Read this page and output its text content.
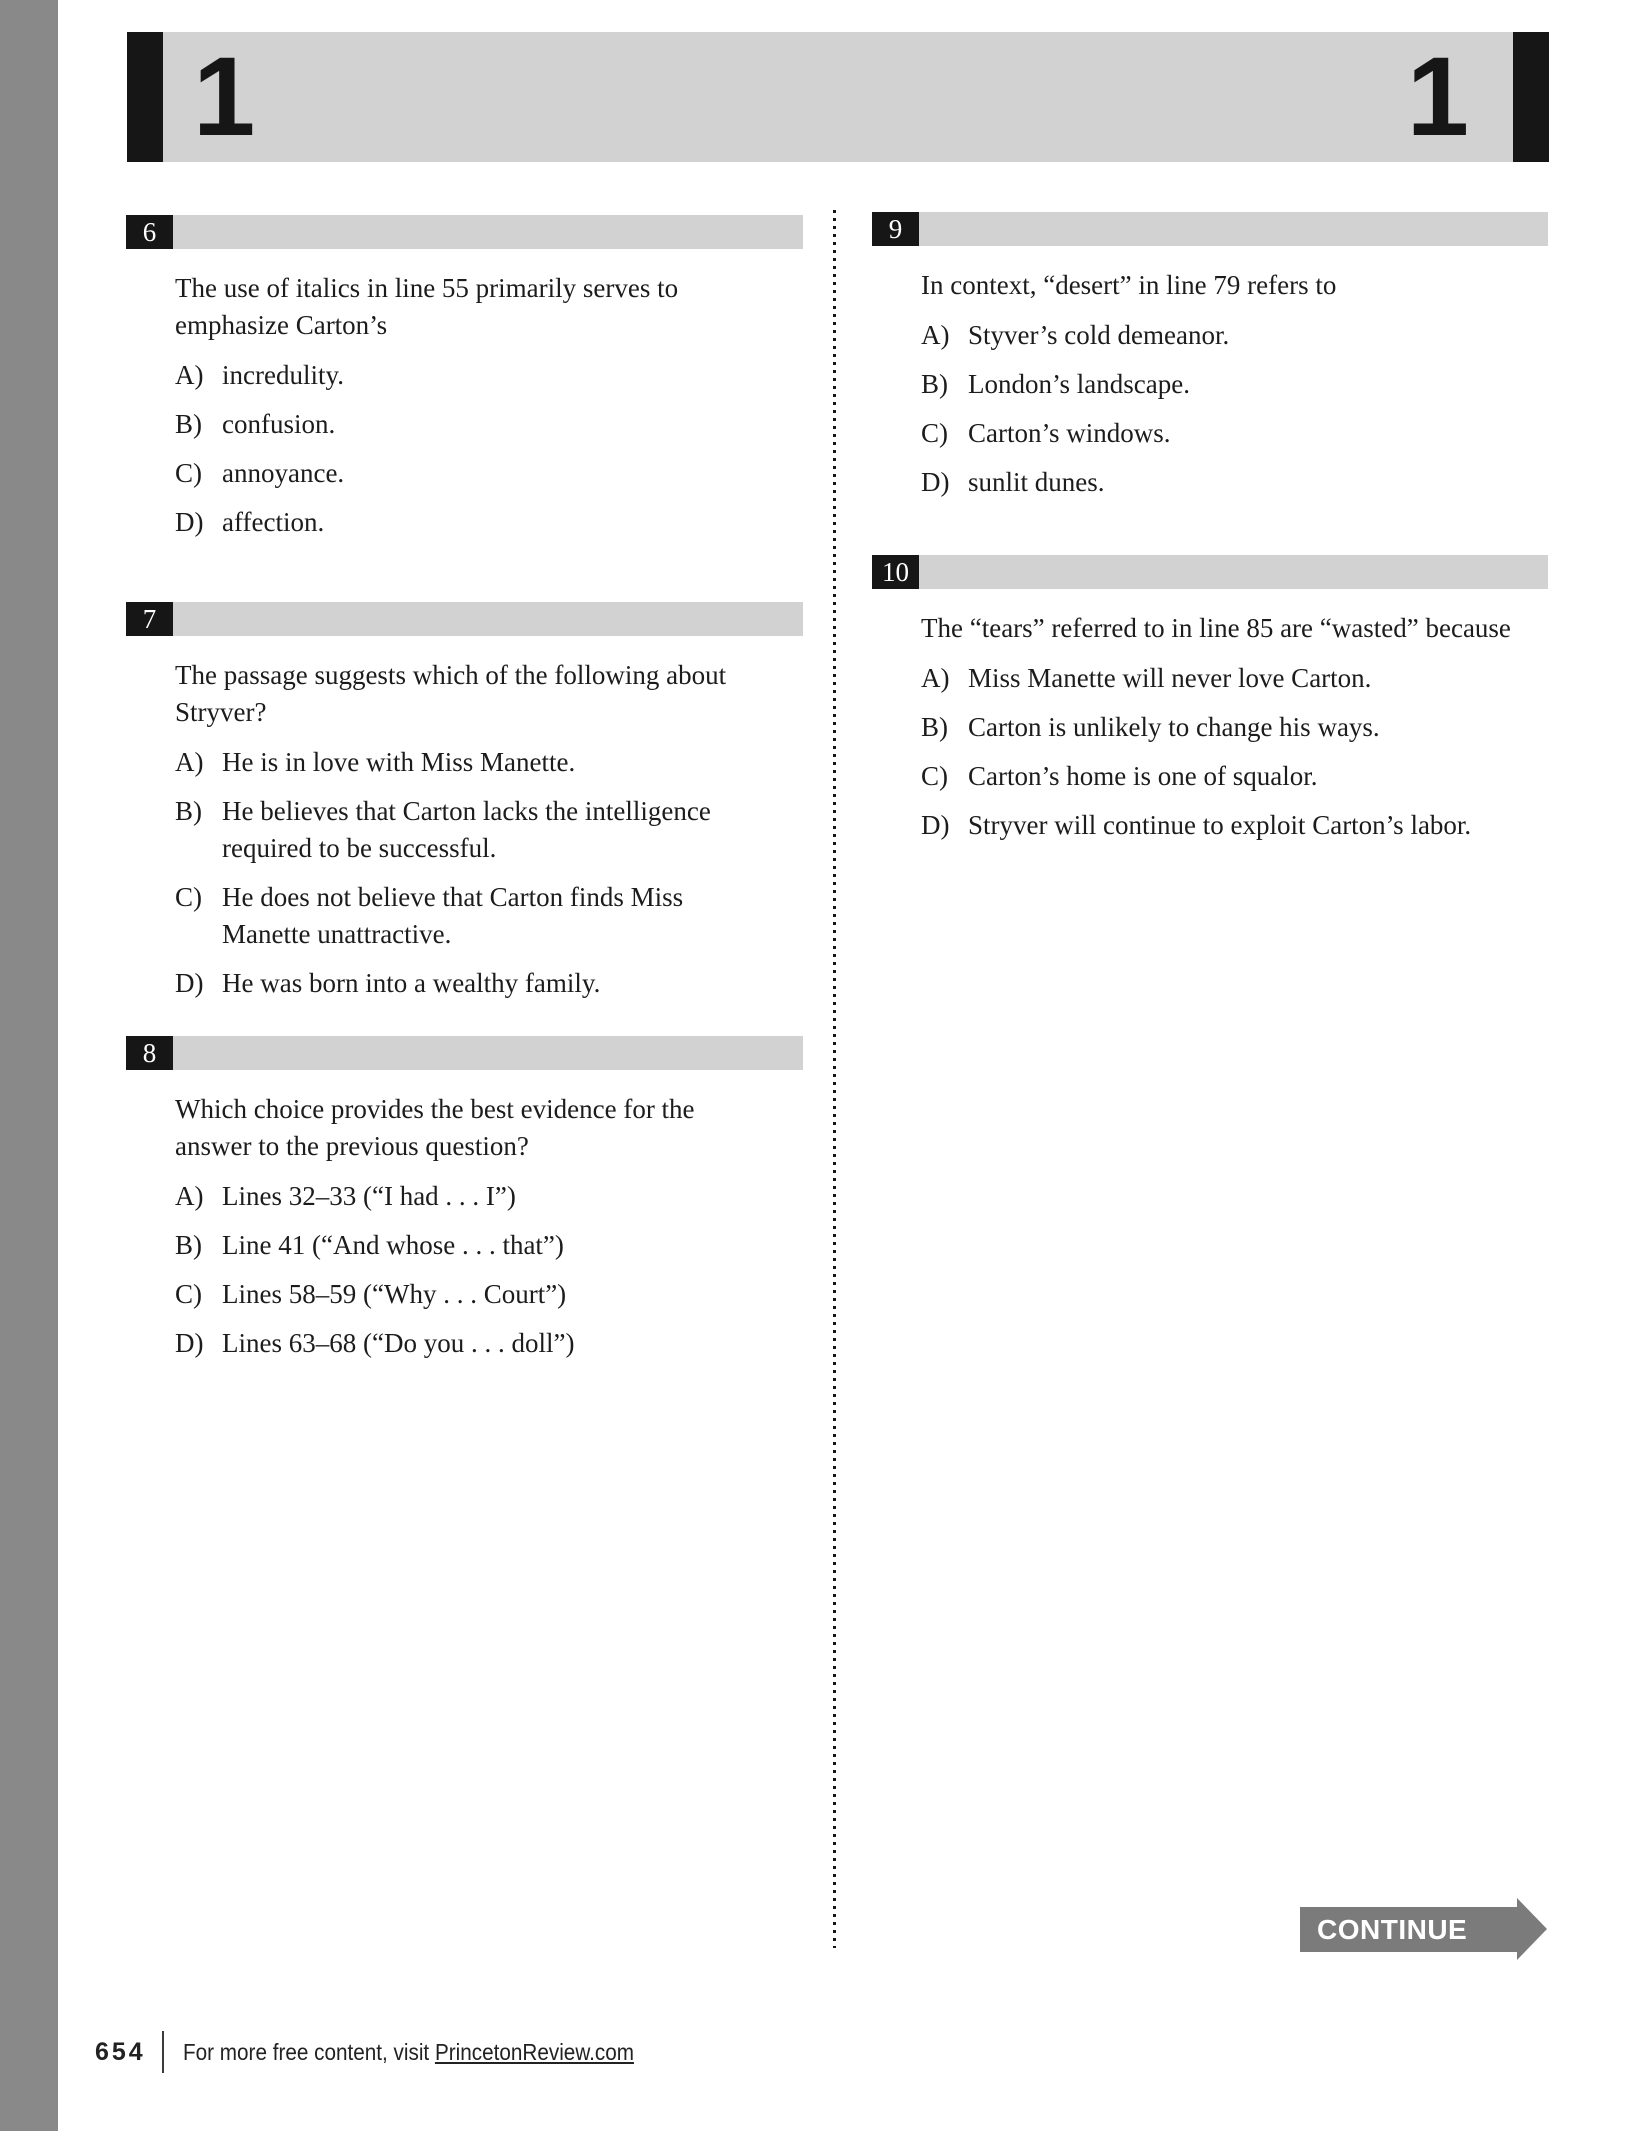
1	1
6
The use of italics in line 55 primarily serves to
emphasize Carton’s
A) incredulity.
B) confusion.
C) annoyance.
D) affection.
7
The passage suggests which of the following about
Stryver?
A) He is in love with Miss Manette.
B) He believes that Carton lacks the intelligence
required to be successful.
C) He does not believe that Carton finds Miss
Manette unattractive.
D) He was born into a wealthy family.
8
Which choice provides the best evidence for the
answer to the previous question?
A) Lines 32–33 (“I had . . . I”)
B) Line 41 (“And whose . . . that”)
C) Lines 58–59 (“Why . . . Court”)
D) Lines 63–68 (“Do you . . . doll”)
9
In context, “desert” in line 79 refers to
A) Styver’s cold demeanor.
B) London’s landscape.
C) Carton’s windows.
D) sunlit dunes.
10
The “tears” referred to in line 85 are “wasted” because
A) Miss Manette will never love Carton.
B) Carton is unlikely to change his ways.
C) Carton’s home is one of squalor.
D) Stryver will continue to exploit Carton’s labor.
CONTINUE
654 For more free content, visit PrincetonReview.com
